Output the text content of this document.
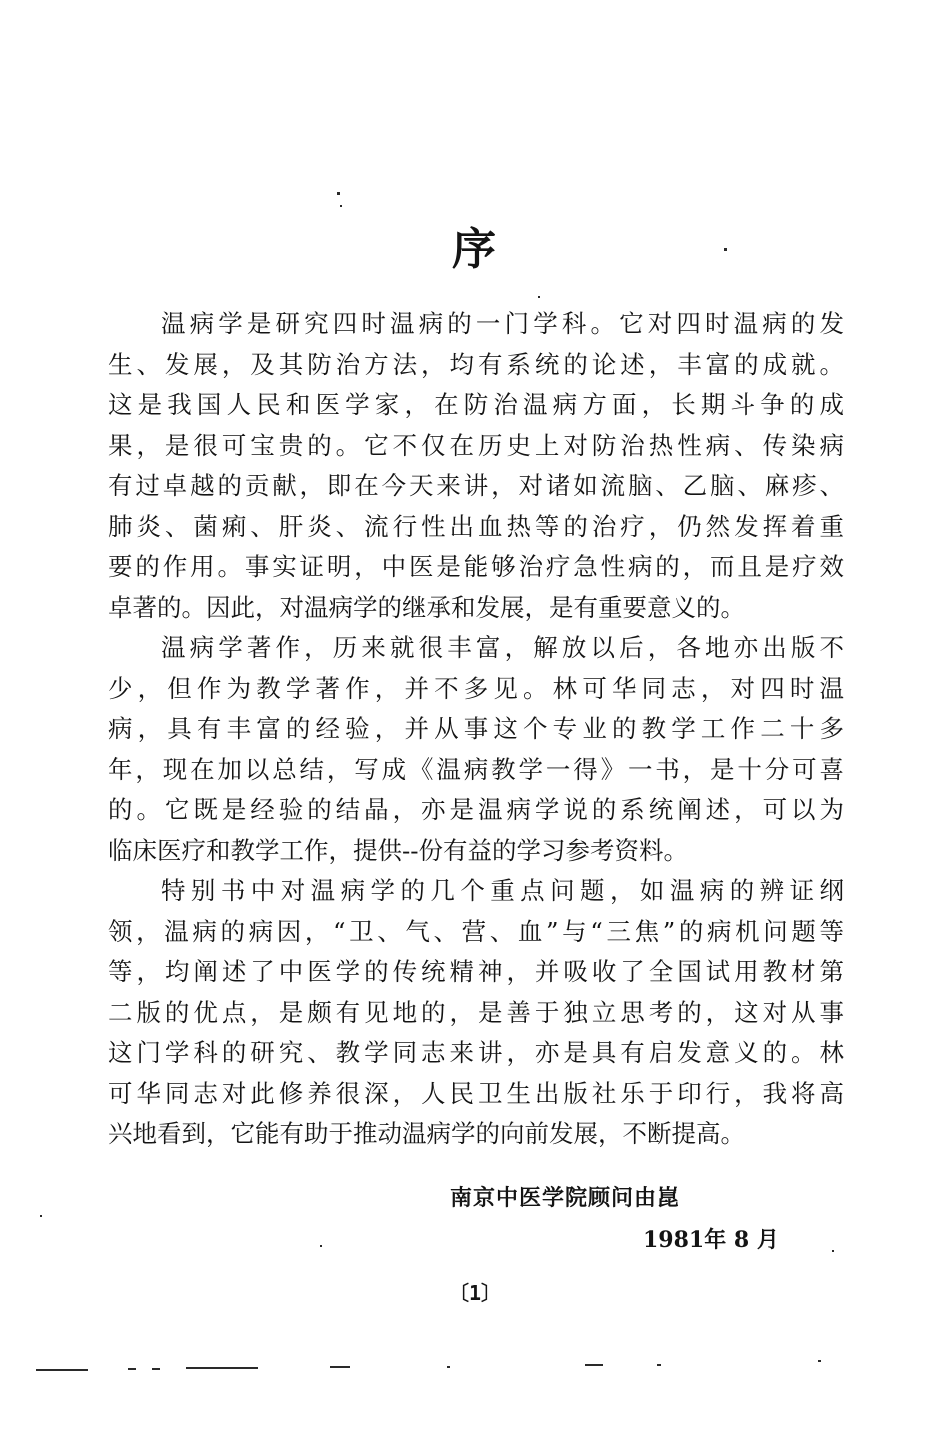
序
温病学是研究四时温病的一门学科。它对四时温病的发
生、发展，及其防治方法，均有系统的论述，丰富的成就。
这是我国人民和医学家，在防治温病方面，长期斗争的成
果，是很可宝贵的。它不仅在历史上对防治热性病、传染病
有过卓越的贡献，即在今天来讲，对诸如流脑、乙脑、麻疹、
肺炎、菌痢、肝炎、流行性出血热等的治疗，仍然发挥着重
要的作用。事实证明，中医是能够治疗急性病的，而且是疗效
卓著的。因此，对温病学的继承和发展，是有重要意义的。
温病学著作，历来就很丰富，解放以后，各地亦出版不
少，但作为教学著作，并不多见。林可华同志，对四时温
病，具有丰富的经验，并从事这个专业的教学工作二十多
年，现在加以总结，写成《温病教学一得》一书，是十分可喜
的。它既是经验的结晶，亦是温病学说的系统阐述，可以为
临床医疗和教学工作，提供--份有益的学习参考资料。
特别书中对温病学的几个重点问题，如温病的辨证纲
领，温病的病因，“卫、气、营、血”与“三焦”的病机问题等
等，均阐述了中医学的传统精神，并吸收了全国试用教材第
二版的优点，是颇有见地的，是善于独立思考的，这对从事
这门学科的研究、教学同志来讲，亦是具有启发意义的。林
可华同志对此修养很深，人民卫生出版社乐于印行，我将高
兴地看到，它能有助于推动温病学的向前发展，不断提高。
南京中医学院顾问由崑
1981年 8 月
〔1〕
